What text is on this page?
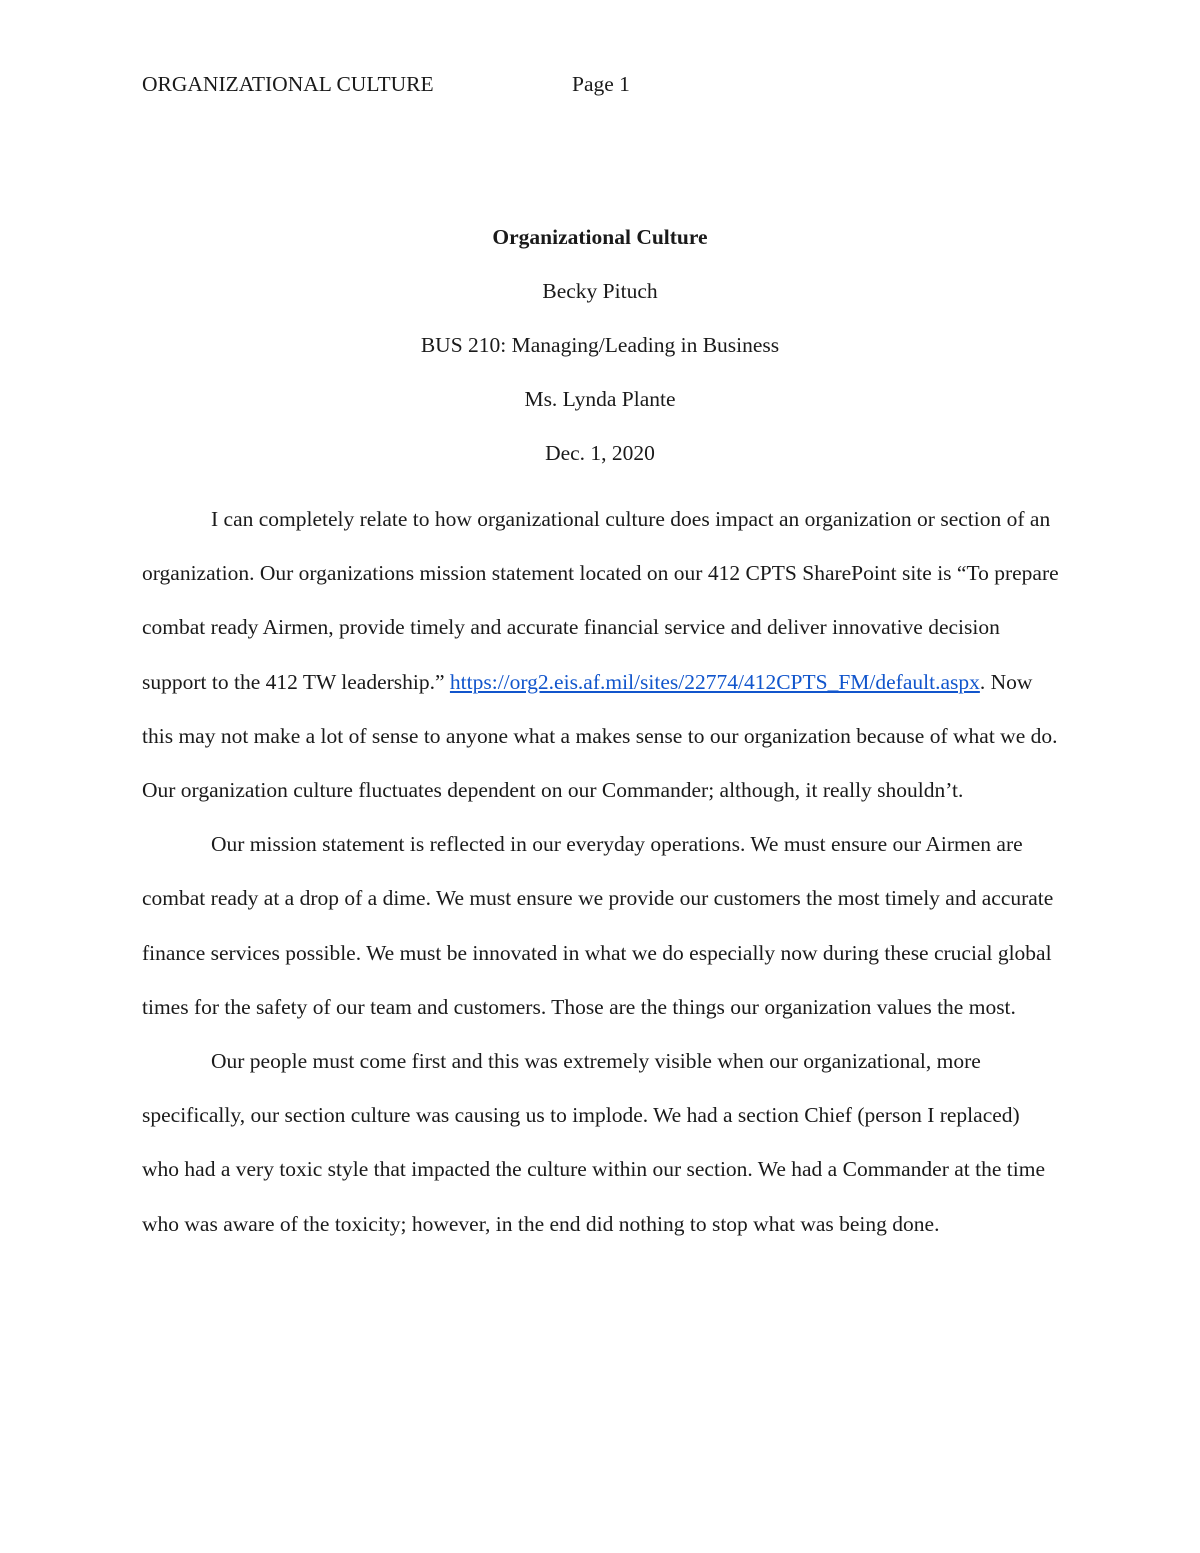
ORGANIZATIONAL CULTURE	Page 1
Organizational Culture
Becky Pituch
BUS 210: Managing/Leading in Business
Ms. Lynda Plante
Dec. 1, 2020

I can completely relate to how organizational culture does impact an organization or section of an organization. Our organizations mission statement located on our 412 CPTS SharePoint site is “To prepare combat ready Airmen, provide timely and accurate financial service and deliver innovative decision support to the 412 TW leadership.” https://org2.eis.af.mil/sites/22774/412CPTS_FM/default.aspx. Now this may not make a lot of sense to anyone what a makes sense to our organization because of what we do. Our organization culture fluctuates dependent on our Commander; although, it really shouldn’t.

Our mission statement is reflected in our everyday operations. We must ensure our Airmen are combat ready at a drop of a dime. We must ensure we provide our customers the most timely and accurate finance services possible. We must be innovated in what we do especially now during these crucial global times for the safety of our team and customers. Those are the things our organization values the most.

Our people must come first and this was extremely visible when our organizational, more specifically, our section culture was causing us to implode. We had a section Chief (person I replaced) who had a very toxic style that impacted the culture within our section. We had a Commander at the time who was aware of the toxicity; however, in the end did nothing to stop what was being done.
